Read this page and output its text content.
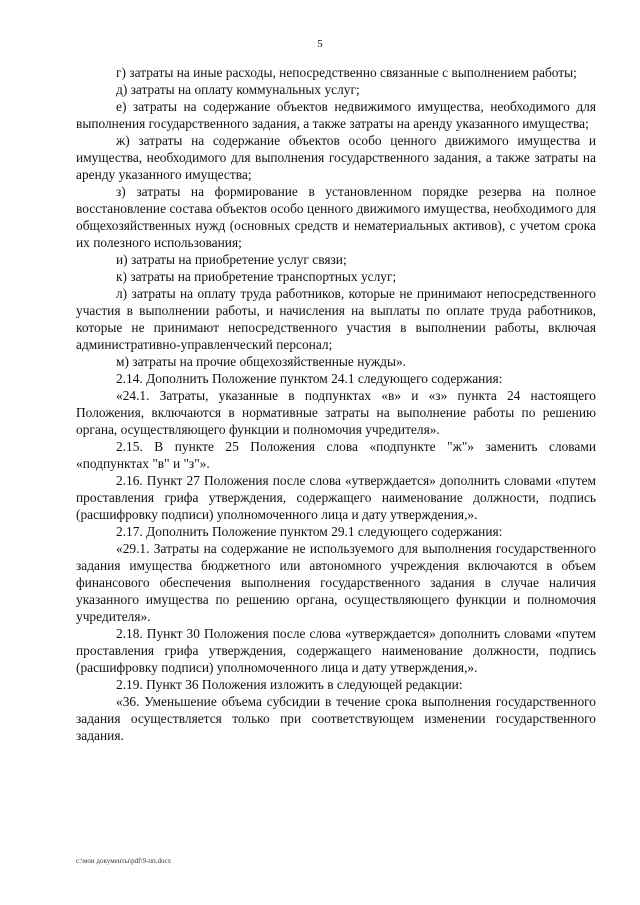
5

г) затраты на иные расходы, непосредственно связанные с выполнением работы;

д) затраты на оплату коммунальных услуг;

е) затраты на содержание объектов недвижимого имущества, необходимого для выполнения государственного задания, а также затраты на аренду указанного имущества;

ж) затраты на содержание объектов особо ценного движимого имущества и имущества, необходимого для выполнения государственного задания, а также затраты на аренду указанного имущества;

з) затраты на формирование в установленном порядке резерва на полное восстановление состава объектов особо ценного движимого имущества, необходимого для общехозяйственных нужд (основных средств и нематериальных активов), с учетом срока их полезного использования;

и) затраты на приобретение услуг связи;

к) затраты на приобретение транспортных услуг;

л) затраты на оплату труда работников, которые не принимают непосредственного участия в выполнении работы, и начисления на выплаты по оплате труда работников, которые не принимают непосредственного участия в выполнении работы, включая административно-управленческий персонал;

м) затраты на прочие общехозяйственные нужды».

2.14. Дополнить Положение пунктом 24.1 следующего содержания:

«24.1. Затраты, указанные в подпунктах «в» и «з» пункта 24 настоящего Положения, включаются в нормативные затраты на выполнение работы по решению органа, осуществляющего функции и полномочия учредителя».

2.15. В пункте 25 Положения слова «подпункте "ж"» заменить словами «подпунктах "в" и "з"».

2.16. Пункт 27 Положения после слова «утверждается» дополнить словами «путем проставления грифа утверждения, содержащего наименование должности, подпись (расшифровку подписи) уполномоченного лица и дату утверждения,».

2.17. Дополнить Положение пунктом 29.1 следующего содержания:

«29.1. Затраты на содержание не используемого для выполнения государственного задания имущества бюджетного или автономного учреждения включаются в объем финансового обеспечения выполнения государственного задания в случае наличия указанного имущества по решению органа, осуществляющего функции и полномочия учредителя».

2.18. Пункт 30 Положения после слова «утверждается» дополнить словами «путем проставления грифа утверждения, содержащего наименование должности, подпись (расшифровку подписи) уполномоченного лица и дату утверждения,».

2.19. Пункт 36 Положения изложить в следующей редакции:

«36. Уменьшение объема субсидии в течение срока выполнения государственного задания осуществляется только при соответствующем изменении государственного задания.

c:\мои документы\pdf\9-пп.docx
